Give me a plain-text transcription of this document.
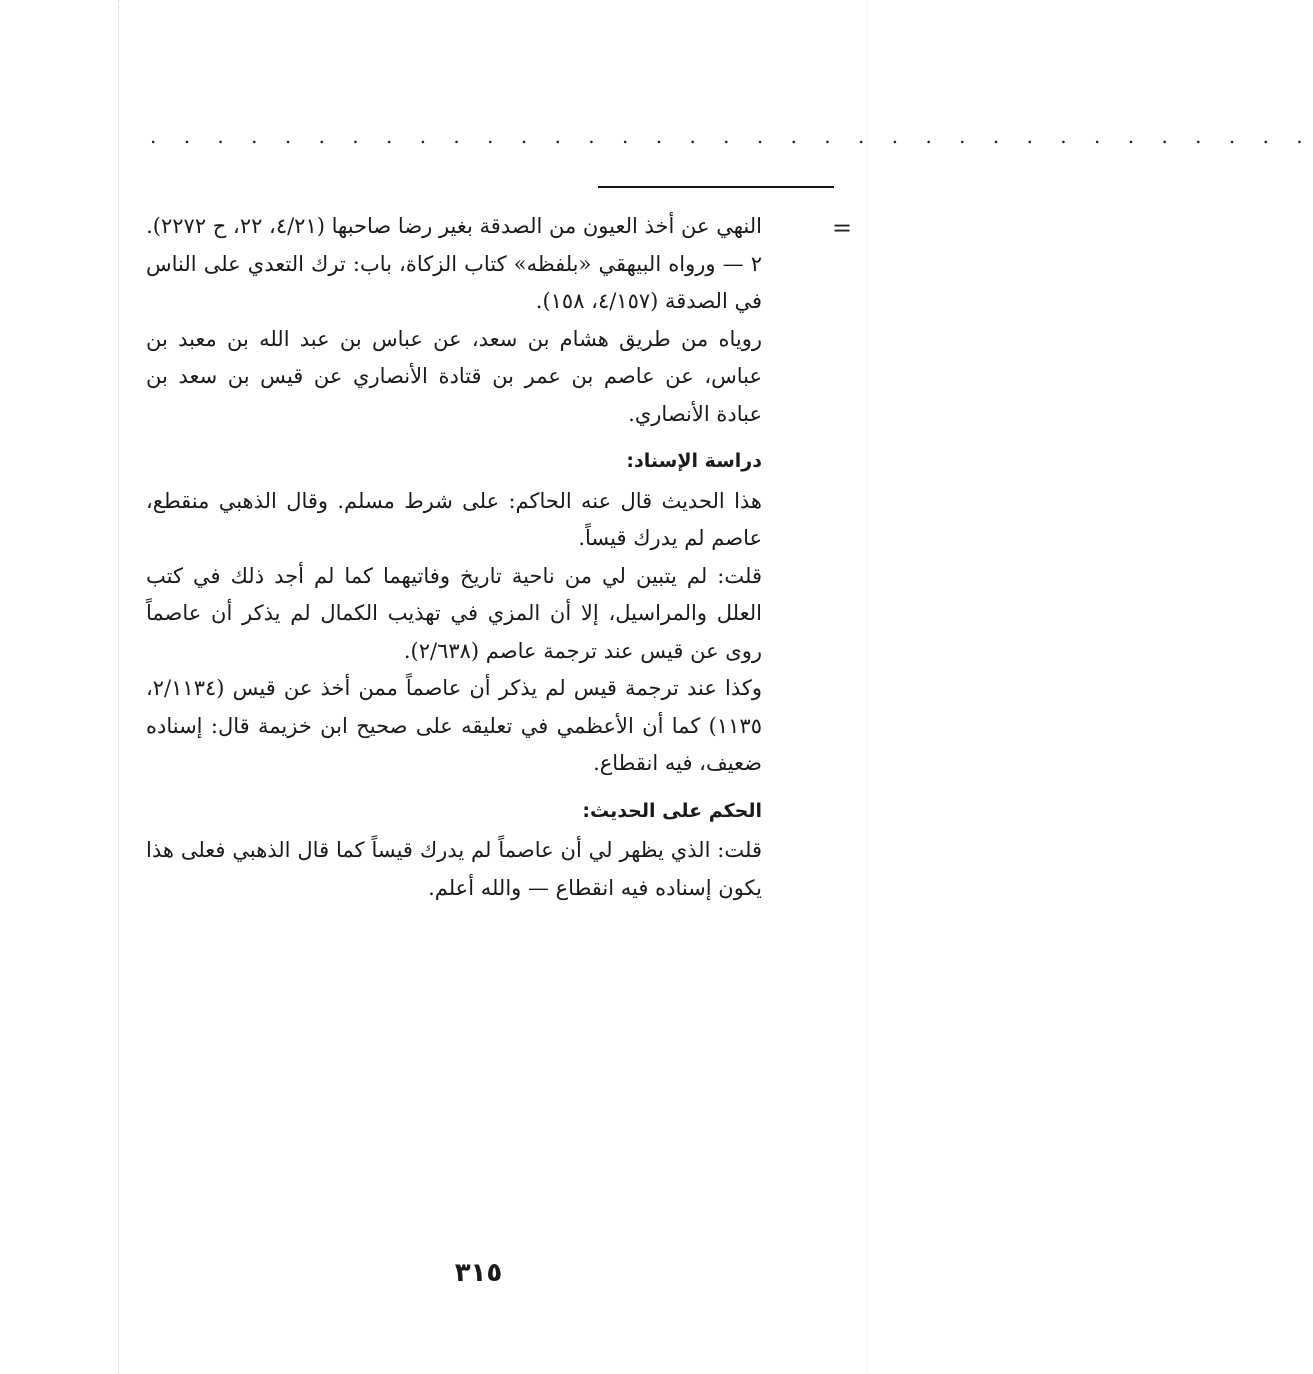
. . . . . . . . . . . . . . . . . . . . . . . . . . . . . . . . . . .
=

النهي عن أخذ العيون من الصدقة بغير رضا صاحبها (٤/٢١، ٢٢، ح ٢٢٧٢).

٢ — ورواه البيهقي «بلفظه» كتاب الزكاة، باب: ترك التعدي على الناس في الصدقة (٤/١٥٧، ١٥٨).

روياه من طريق هشام بن سعد، عن عباس بن عبد الله بن معبد بن عباس، عن عاصم بن عمر بن قتادة الأنصاري عن قيس بن سعد بن عبادة الأنصاري.

دراسة الإسناد:

هذا الحديث قال عنه الحاكم: على شرط مسلم. وقال الذهبي منقطع، عاصم لم يدرك قيساً.

قلت: لم يتبين لي من ناحية تاريخ وفاتيهما كما لم أجد ذلك في كتب العلل والمراسيل، إلا أن المزي في تهذيب الكمال لم يذكر أن عاصماً روى عن قيس عند ترجمة عاصم (٢/٦٣٨).

وكذا عند ترجمة قيس لم يذكر أن عاصماً ممن أخذ عن قيس (٢/١١٣٤، ١١٣٥) كما أن الأعظمي في تعليقه على صحيح ابن خزيمة قال: إسناده ضعيف، فيه انقطاع.

الحكم على الحديث:

قلت: الذي يظهر لي أن عاصماً لم يدرك قيساً كما قال الذهبي فعلى هذا يكون إسناده فيه انقطاع — والله أعلم.

٣١٥
